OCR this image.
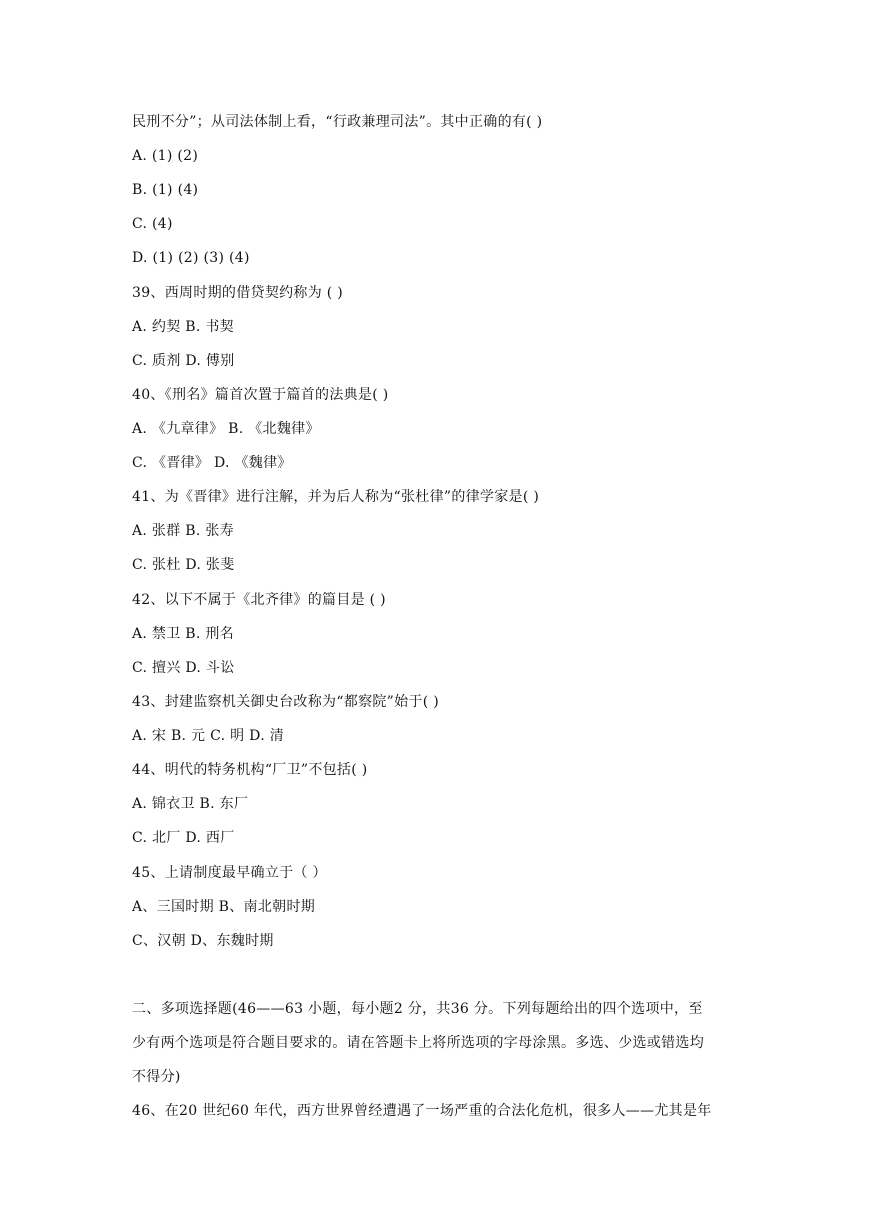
民刑不分”；从司法体制上看，“行政兼理司法”。其中正确的有( )
A. (1) (2)
B. (1) (4)
C. (4)
D. (1) (2) (3) (4)
39、西周时期的借贷契约称为 ( )
A. 约契 B. 书契
C. 质剂 D. 傅别
40、《刑名》篇首次置于篇首的法典是( )
A. 《九章律》 B. 《北魏律》
C. 《晋律》 D. 《魏律》
41、为《晋律》进行注解，并为后人称为“张杜律”的律学家是( )
A. 张群 B. 张寿
C. 张杜 D. 张斐
42、以下不属于《北齐律》的篇目是 ( )
A. 禁卫 B. 刑名
C. 擅兴 D. 斗讼
43、封建监察机关御史台改称为“都察院”始于( )
A. 宋 B. 元 C. 明 D. 清
44、明代的特务机构“厂卫”不包括( )
A. 锦衣卫 B. 东厂
C. 北厂 D. 西厂
45、上请制度最早确立于（ ）
A、三国时期 B、南北朝时期
C、汉朝 D、东魏时期
二、多项选择题(46——63 小题，每小题2 分，共36 分。下列每题给出的四个选项中，至
少有两个选项是符合题目要求的。请在答题卡上将所选项的字母涂黑。多选、少选或错选均
不得分)
46、在20 世纪60 年代，西方世界曾经遭遇了一场严重的合法化危机，很多人——尤其是年
